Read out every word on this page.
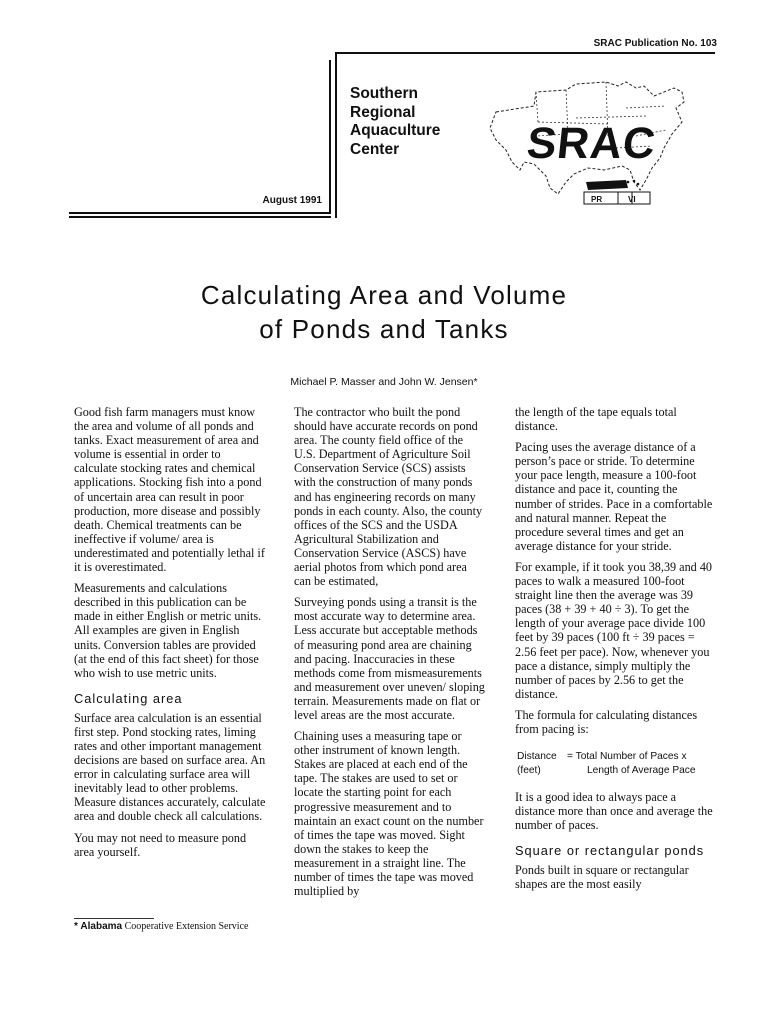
SRAC Publication No. 103
Southern
Regional
Aquaculture
Center
August 1991
SRAC
PR	VI
Calculating Area and Volume
of Ponds and Tanks
Michael P. Masser and John W. Jensen*

Good fish farm managers must know the area and volume of all ponds and tanks. Exact measurement of area and volume is essential in order to calculate stocking rates and chemical applications. Stocking fish into a pond of uncertain area can result in poor production, more disease and possibly death. Chemical treatments can be ineffective if volume/ area is underestimated and potentially lethal if it is overestimated.

Measurements and calculations described in this publication can be made in either English or metric units. All examples are given in English units. Conversion tables are provided (at the end of this fact sheet) for those who wish to use metric units.

Calculating area

Surface area calculation is an essential first step. Pond stocking rates, liming rates and other important management decisions are based on surface area. An error in calculating surface area will inevitably lead to other problems. Measure distances accurately, calculate area and double check all calculations.

You may not need to measure pond area yourself.

* Alabama Cooperative Extension Service

The contractor who built the pond should have accurate records on pond area. The county field office of the U.S. Department of Agriculture Soil Conservation Service (SCS) assists with the construction of many ponds and has engineering records on many ponds in each county. Also, the county offices of the SCS and the USDA Agricultural Stabilization and Conservation Service (ASCS) have aerial photos from which pond area can be estimated,

Surveying ponds using a transit is the most accurate way to determine area. Less accurate but acceptable methods of measuring pond area are chaining and pacing. Inaccuracies in these methods come from mismeasurements and measurement over uneven/ sloping terrain. Measurements made on flat or level areas are the most accurate.

Chaining uses a measuring tape or other instrument of known length. Stakes are placed at each end of the tape. The stakes are used to set or locate the starting point for each progressive measurement and to maintain an exact count on the number of times the tape was moved. Sight down the stakes to keep the measurement in a straight line. The number of times the tape was moved multiplied by

the length of the tape equals total distance.

Pacing uses the average distance of a person’s pace or stride. To determine your pace length, measure a 100-foot distance and pace it, counting the number of strides. Pace in a comfortable and natural manner. Repeat the procedure several times and get an average distance for your stride.

For example, if it took you 38,39 and 40 paces to walk a measured 100-foot straight line then the average was 39 paces (38 + 39 + 40 ÷ 3). To get the length of your average pace divide 100 feet by 39 paces (100 ft ÷ 39 paces = 2.56 feet per pace). Now, whenever you pace a distance, simply multiply the number of paces by 2.56 to get the distance.

The formula for calculating distances from pacing is:

Distance	= Total Number of Paces x
(feet)	Length of Average Pace

It is a good idea to always pace a distance more than once and average the number of paces.

Square or rectangular ponds

Ponds built in square or rectangular shapes are the most easily
